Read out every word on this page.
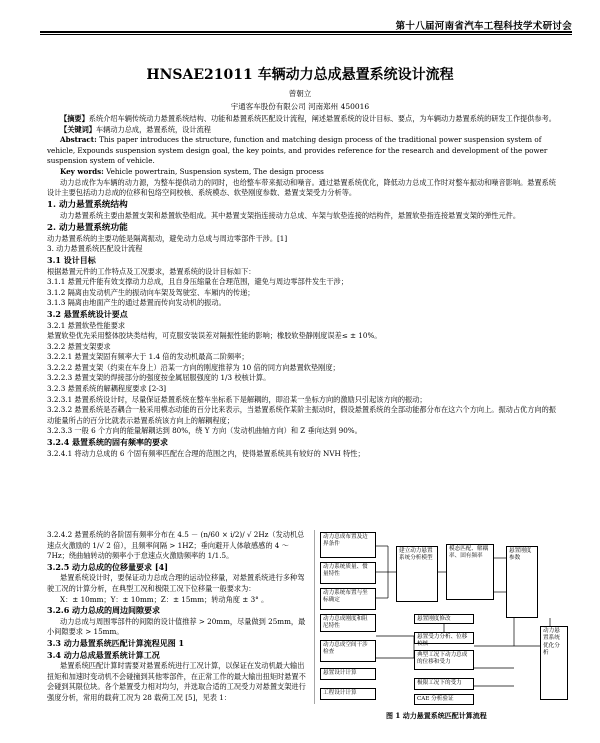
第十八届河南省汽车工程科技学术研讨会
HNSAE21011 车辆动力总成悬置系统设计流程
曾朝立
宇通客车股份有限公司 河南郑州 450016

【摘要】系统介绍车辆传统动力悬置系统结构、功能和悬置系统匹配设计流程，阐述悬置系统的设计目标、要点，为车辆动力悬置系统的研发工作提供参考。

【关键词】车辆动力总成，悬置系统，设计流程

Abstract: This paper introduces the structure, function and matching design process of the traditional power suspension system of vehicle, Expounds suspension system design goal, the key points, and provides reference for the research and development of the power suspension system of vehicle.

Key words: Vehicle powertrain, Suspension system, The design process

动力总成作为车辆的动力源，为整车提供动力的同时，也给整车带来振动和噪音。通过悬置系统优化，降低动力总成工作时对整车振动和噪音影响。悬置系统设计主要包括动力总成的位移和包络空间校核、系统模态、软垫刚度参数、悬置支架受力分析等。

1. 动力悬置系统结构

动力悬置系统主要由悬置支架和悬置软垫组成。其中悬置支架指连接动力总成、车架与软垫连接的结构件，悬置软垫指连接悬置支架的弹性元件。

2. 动力悬置系统功能

动力悬置系统的主要功能是隔离振动，避免动力总成与周边零部件干涉。[1]

3. 动力悬置系统匹配设计流程

3.1 设计目标

根据悬置元件的工作特点及工况要求，悬置系统的设计目标如下：

3.1.1 悬置元件能有效支撑动力总成，且自身压缩量在合理范围，避免与周边零部件发生干涉；

3.1.2 隔离由发动机产生的振动向车架及驾驶室、车厢内的传递；

3.1.3 隔离由地面产生的通过悬置而传向发动机的振动。

3.2 悬置系统设计要点

3.2.1 悬置软垫性能要求

悬置软垫优先采用整体胶块类结构，可克服安装误差对隔振性能的影响；橡胶软垫静刚度误差≤ ± 10%。

3.2.2 悬置支架要求

3.2.2.1 悬置支架固有频率大于 1.4 倍的发动机最高二阶频率；

3.2.2.2 悬置支架（约束在车身上）沿某一方向的刚度推荐为 10 倍的同方向悬置软垫刚度；

3.2.2.3 悬置支架的焊接部分的强度按金属屈服强度的 1/3 校核计算。

3.2.3 悬置系统的解耦程度要求 [2-3]

3.2.3.1 悬置系统设计时，尽量保证悬置系统在整车坐标系下是解耦的，即沿某一坐标方向的激励只引起该方向的振动；

3.2.3.2 悬置系统是否耦合一般采用模态动能的百分比来表示，当悬置系统作某阶主振动时，假设悬置系统的全部动能都分布在这六个方向上。振动占优方向的振动能量所占的百分比就表示悬置系统该方向上的解耦程度；

3.2.3.3 一般 6 个方向的能量解耦达到 80%，绕 Y 方向（发动机曲轴方向）和 Z 垂向达到 90%。

3.2.4 悬置系统的固有频率的要求

3.2.4.1 将动力总成的 6 个固有频率匹配在合理的范围之内，使得悬置系统具有较好的 NVH 特性；

3.2.4.2 悬置系统的各阶固有频率分布在 4.5 － (n/60 × i/2)/ √ 2Hz（发动机总速点火激励的 1/√ 2 倍），且频率间隔 > 1HZ；垂向避开人体敏感感的 4 ～ 7Hz；绕曲轴转动的频率小于怠速点火激励频率的 1/1.5。

3.2.5 动力总成的位移量要求 [4]

悬置系统设计时，要保证动力总成合理的运动位移量，对悬置系统进行多种驾驶工况的计算分析，在典型工况和极限工况下位移量一般要求为：

X：± 10mm；Y：± 10mm；Z：± 15mm；转动角度 ± 3° 。

3.2.6 动力总成的周边间隙要求

动力总成与周围零部件的间隙的设计值推荐 > 20mm，尽量做到 25mm，最小间隙要求 > 15mm。

3.3 动力悬置系统匹配计算流程见图 1

3.4 动力总成悬置系统计算工况

悬置系统匹配计算时需要对悬置系统进行工况计算，以保证在发动机最大输出扭矩和加速时变动机不会碰撞到其他零部件，在正常工作的最大输出扭矩时悬置不会碰到其限位块。各个悬置受力相对均匀，并选取合适的工况受力对悬置支架进行强度分析，常用的载荷工况为 28 载荷工况 [5]，见表 1：

动力总成布置及边界条件
动力系统质量、惯量特性
动力系统布置与坐标确定
动力总成刚度和阻尼特性
动力总成空间干涉检查
悬置设计计算
工程设计计算
建立动力悬置系统分析模型
模态匹配、解耦率、固有频率
悬置刚度参数
悬置受力分析、位移校核
悬置刚度修改
典型工况下动力总成的位移和受力
极限工况下的受力
CAE 分析验证
动力悬置系统优化分析
图 1 动力悬置系统匹配计算流程
